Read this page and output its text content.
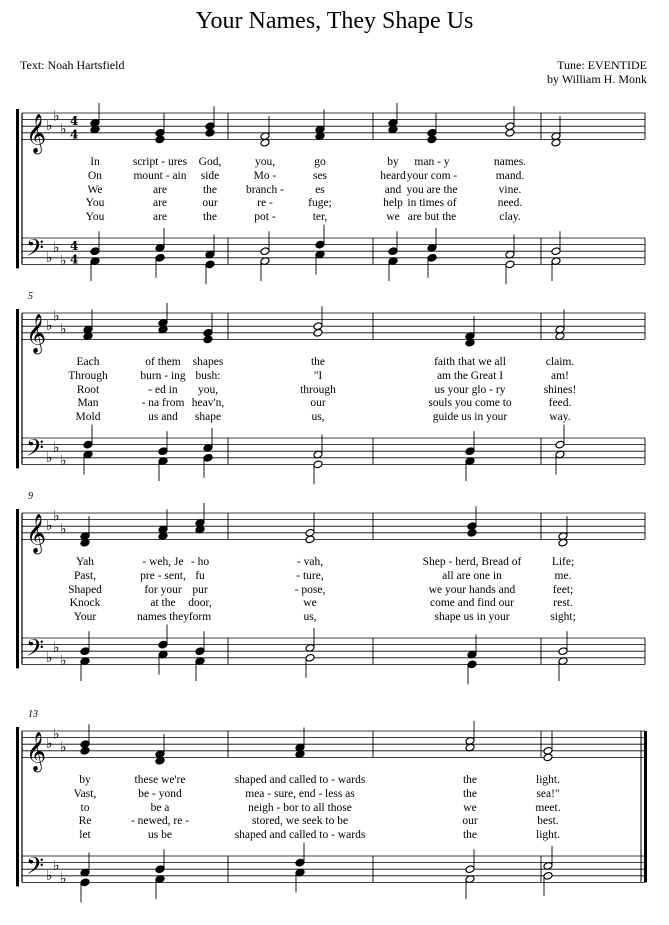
Your Names, They Shape Us
Text: Noah Hartsfield	Tune: EVENTIDE
by William H. Monk
𝄞
𝄢
♭
♭
♭
♭
♭
♭
4
4
4
4
In	script - ures God,	you,	go	by man - y	names.
On	mount - ain side	Mo -	ses	heard your com -	mand.
We	are	the	branch -	es	and you are the	vine.
You	are	our	re -	fuge;	help in times of	need.
You	are	the	pot -	ter,	we are but the	clay.
𝄞
𝄢
♭
♭
♭
♭
♭
♭
5
Each	of them shapes	the	faith that we all	claim.
Through	burn - ing bush:	"I	am the Great I	am!
Root	- ed in you,	through	us your glo - ry	shines!
Man	- na from heav'n,	our	souls you come to	feed.
Mold	us and shape	us,	guide us in your	way.
𝄞
𝄢
♭
♭
♭
♭
♭
♭
9
Yah	- weh, Je - ho	- vah,	Shep - herd, Bread of	Life;
Past,	pre - sent, fu	- ture,	all are one in	me.
Shaped	for your pur	- pose,	we your hands and	feet;
Knock	at the door,	we	come and find our	rest.
Your	names they form	us,	shape us in your	sight;
𝄞
𝄢
♭
♭
♭
♭
♭
♭
13
by	these we're	shaped and called to - wards	the	light.
Vast,	be - yond	mea - sure, end - less as	the	sea!"
to	be a	neigh - bor to all those	we	meet.
Re	- newed, re -	stored, we seek to be	our	best.
let	us be	shaped and called to - wards	the	light.
